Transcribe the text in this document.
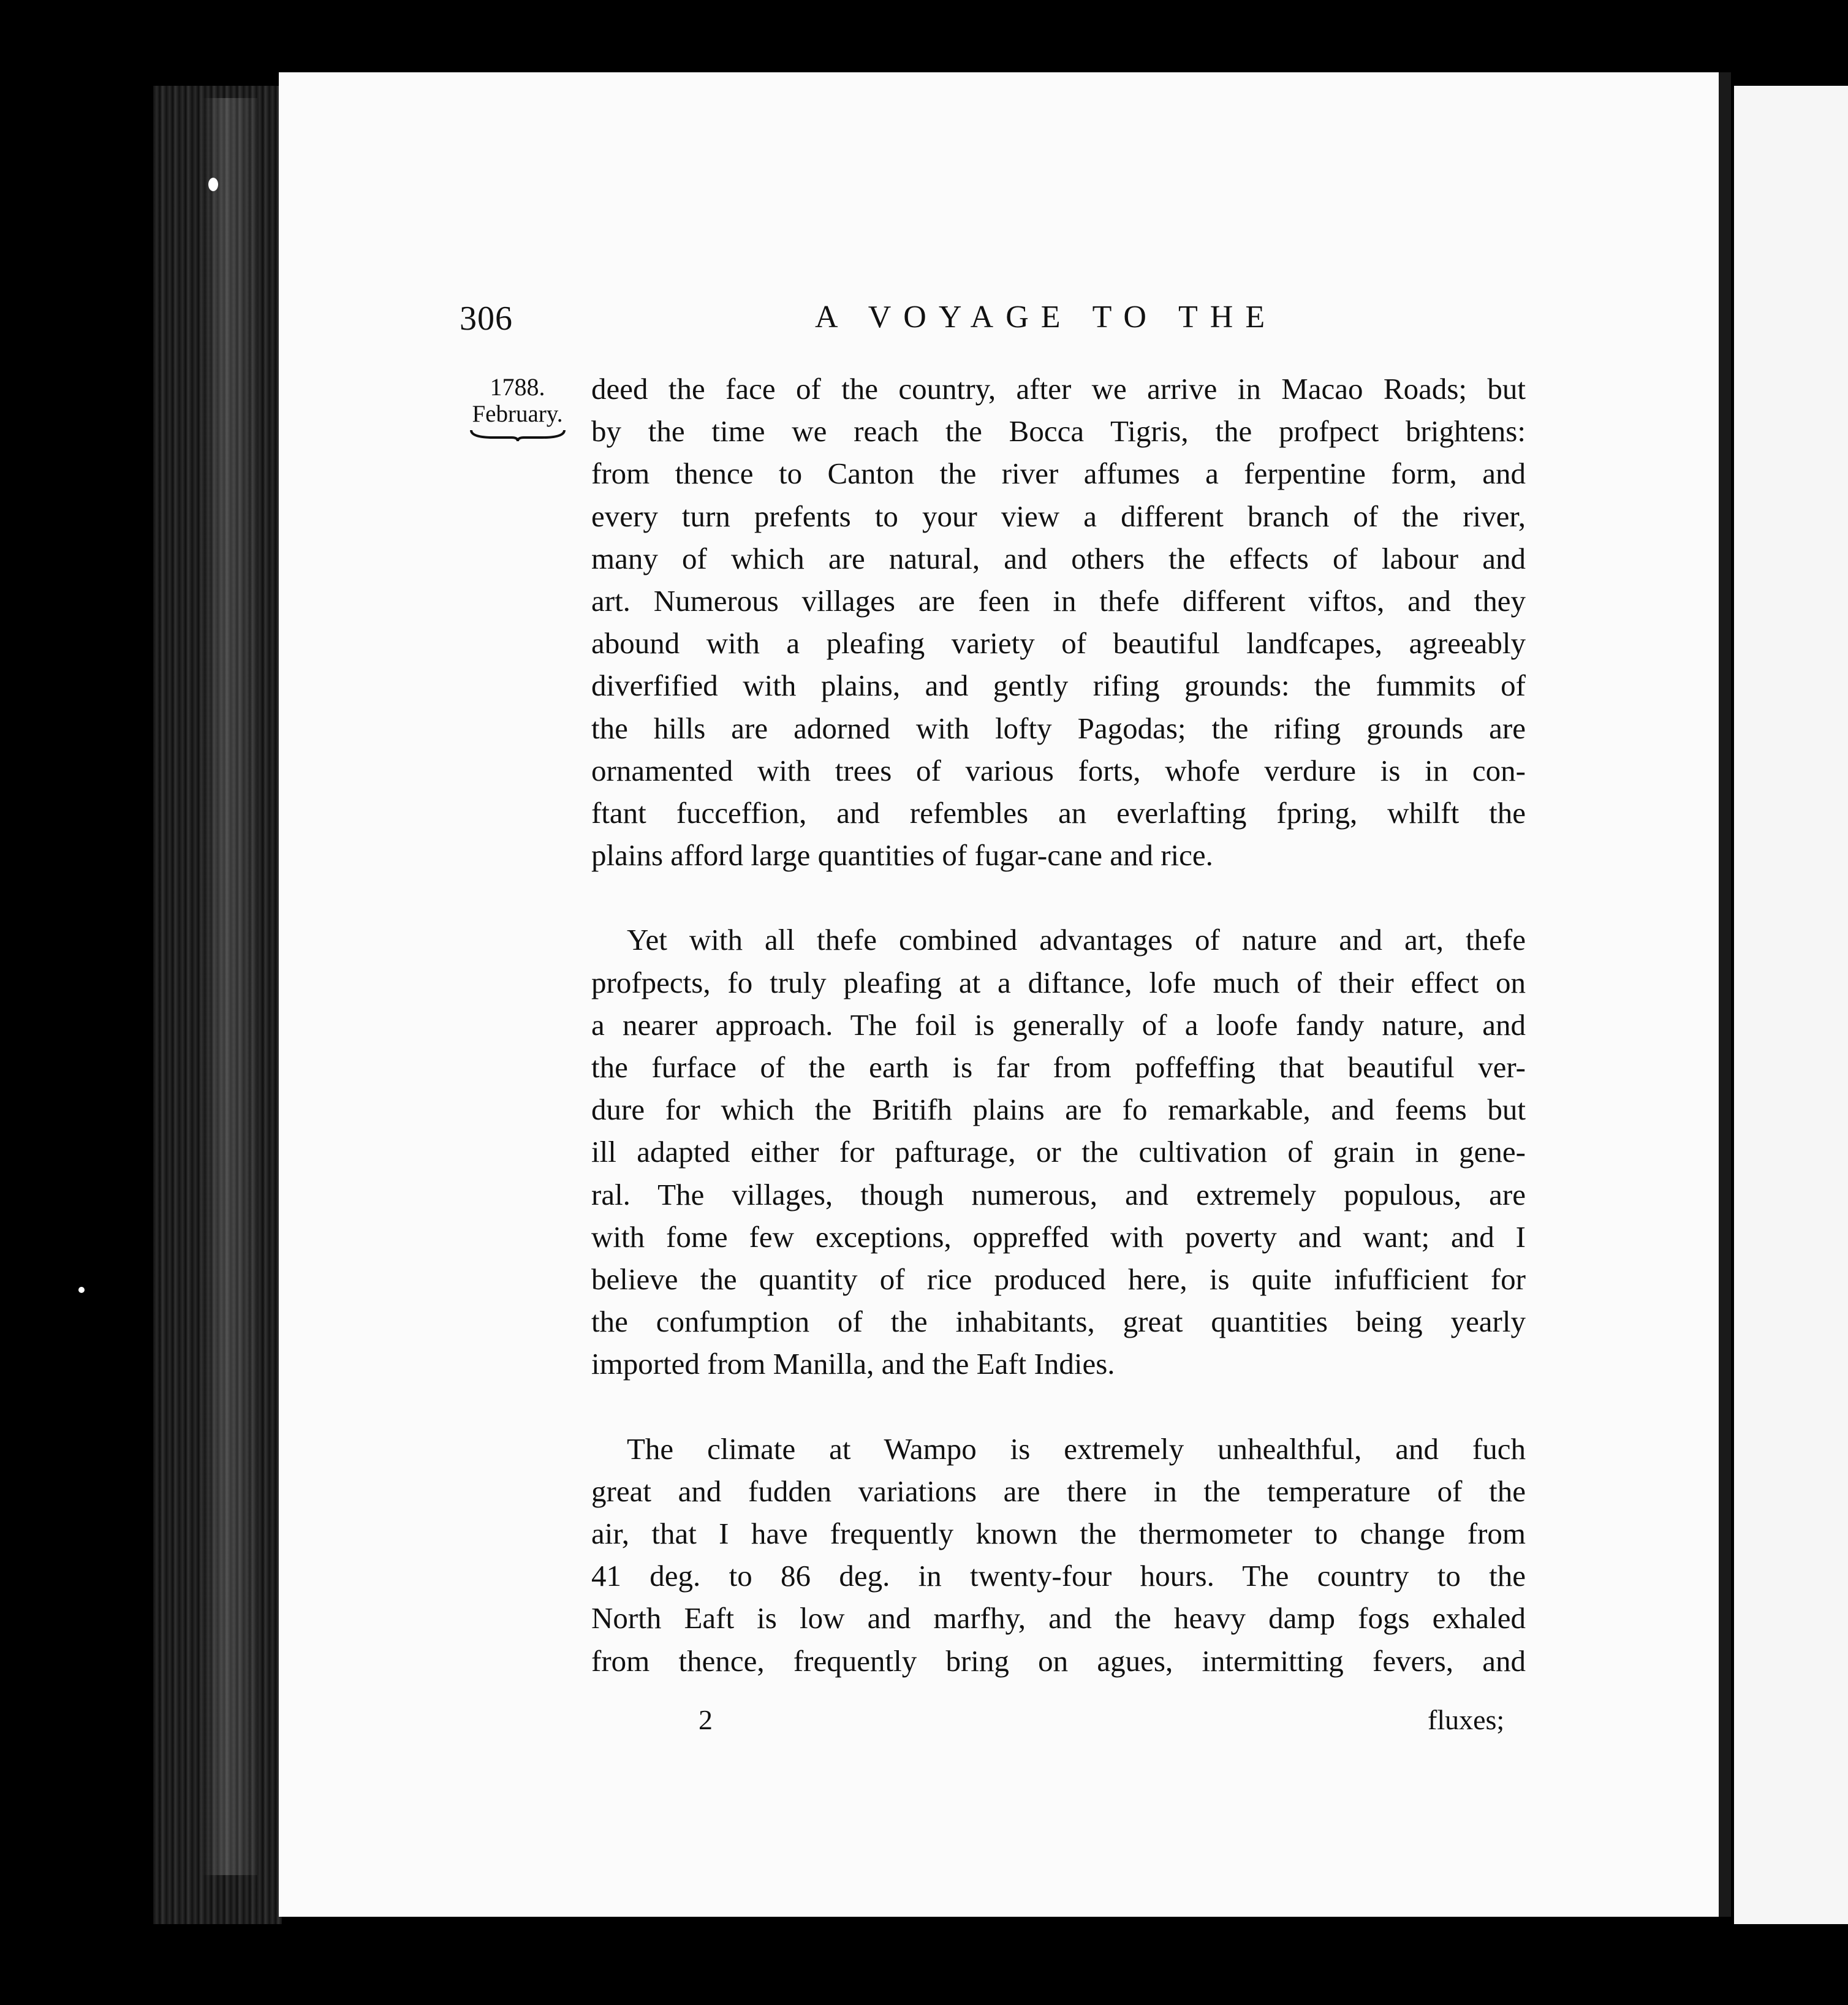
306	A VOYAGE TO THE
1788.
February.

deed the face of the country, after we arrive in Macao Roads; but
by the time we reach the Bocca Tigris, the profpect brightens:
from thence to Canton the river affumes a ferpentine form, and
every turn prefents to your view a different branch of the river,
many of which are natural, and others the effects of labour and
art. Numerous villages are feen in thefe different viftos, and they
abound with a pleafing variety of beautiful landfcapes, agreeably
diverfified with plains, and gently rifing grounds: the fummits of
the hills are adorned with lofty Pagodas; the rifing grounds are
ornamented with trees of various forts, whofe verdure is in con-
ftant fucceffion, and refembles an everlafting fpring, whilft the
plains afford large quantities of fugar-cane and rice.

Yet with all thefe combined advantages of nature and art, thefe
profpects, fo truly pleafing at a diftance, lofe much of their effect on
a nearer approach. The foil is generally of a loofe fandy nature, and
the furface of the earth is far from poffeffing that beautiful ver-
dure for which the Britifh plains are fo remarkable, and feems but
ill adapted either for pafturage, or the cultivation of grain in gene-
ral. The villages, though numerous, and extremely populous, are
with fome few exceptions, oppreffed with poverty and want; and I
believe the quantity of rice produced here, is quite infufficient for
the confumption of the inhabitants, great quantities being yearly
imported from Manilla, and the Eaft Indies.

The climate at Wampo is extremely unhealthful, and fuch
great and fudden variations are there in the temperature of the
air, that I have frequently known the thermometer to change from
41 deg. to 86 deg. in twenty-four hours. The country to the
North Eaft is low and marfhy, and the heavy damp fogs exhaled
from thence, frequently bring on agues, intermitting fevers, and

2	fluxes;
